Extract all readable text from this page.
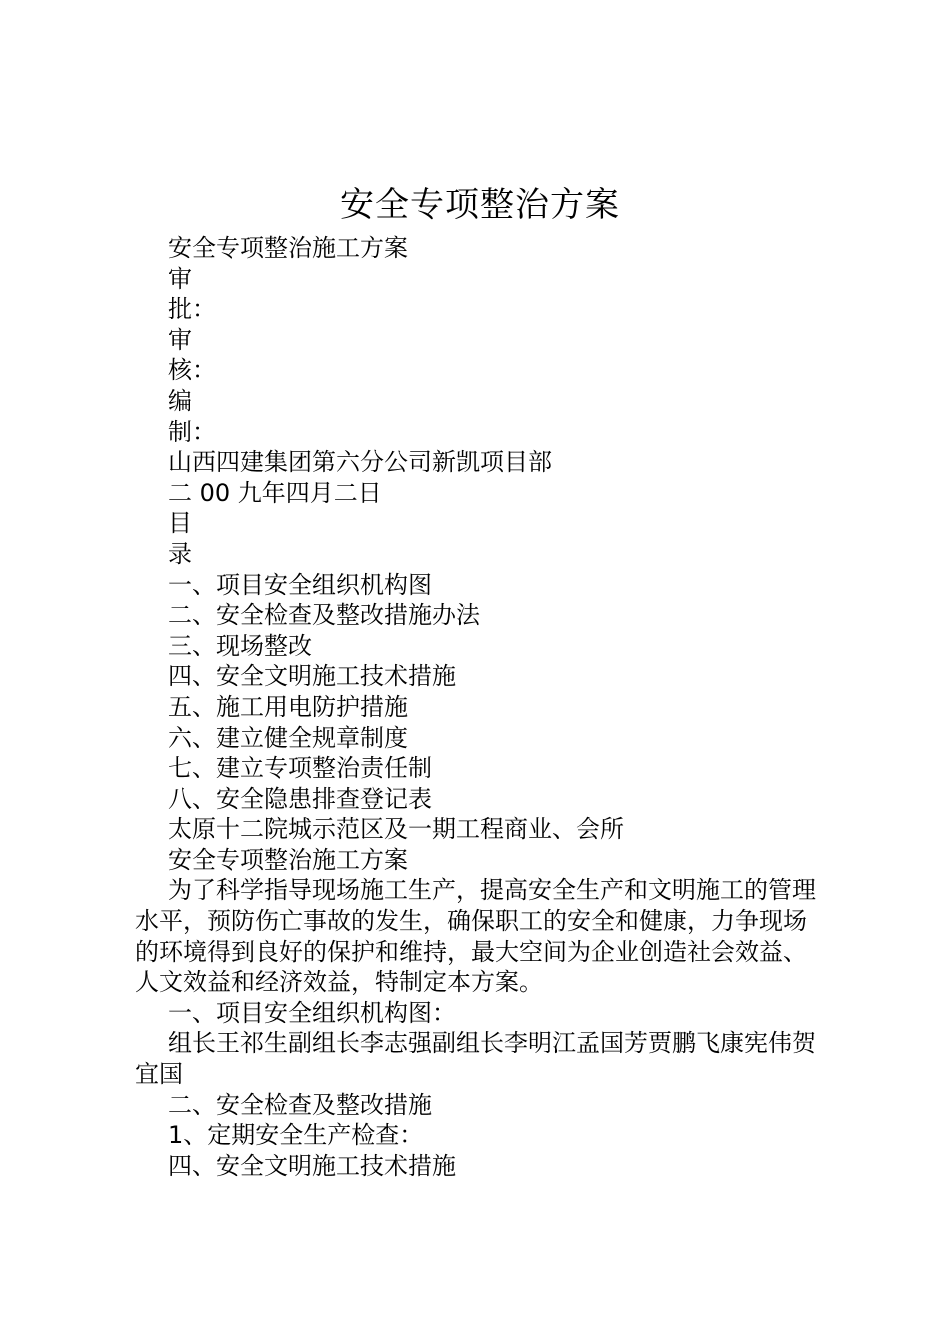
安全专项整治方案
安全专项整治施工方案
审
批：
审
核：
编
制：
山西四建集团第六分公司新凯项目部
二 00 九年四月二日
目
录
一、项目安全组织机构图
二、安全检查及整改措施办法
三、现场整改
四、安全文明施工技术措施
五、施工用电防护措施
六、建立健全规章制度
七、建立专项整治责任制
八、安全隐患排查登记表
太原十二院城示范区及一期工程商业、会所
安全专项整治施工方案
为了科学指导现场施工生产，提高安全生产和文明施工的管理水平，预防伤亡事故的发生，确保职工的安全和健康，力争现场的环境得到良好的保护和维持，最大空间为企业创造社会效益、人文效益和经济效益，特制定本方案。
一、项目安全组织机构图：
组长王祁生副组长李志强副组长李明江孟国芳贾鹏飞康宪伟贺宜国
二、安全检查及整改措施
1、定期安全生产检查：
四、安全文明施工技术措施
